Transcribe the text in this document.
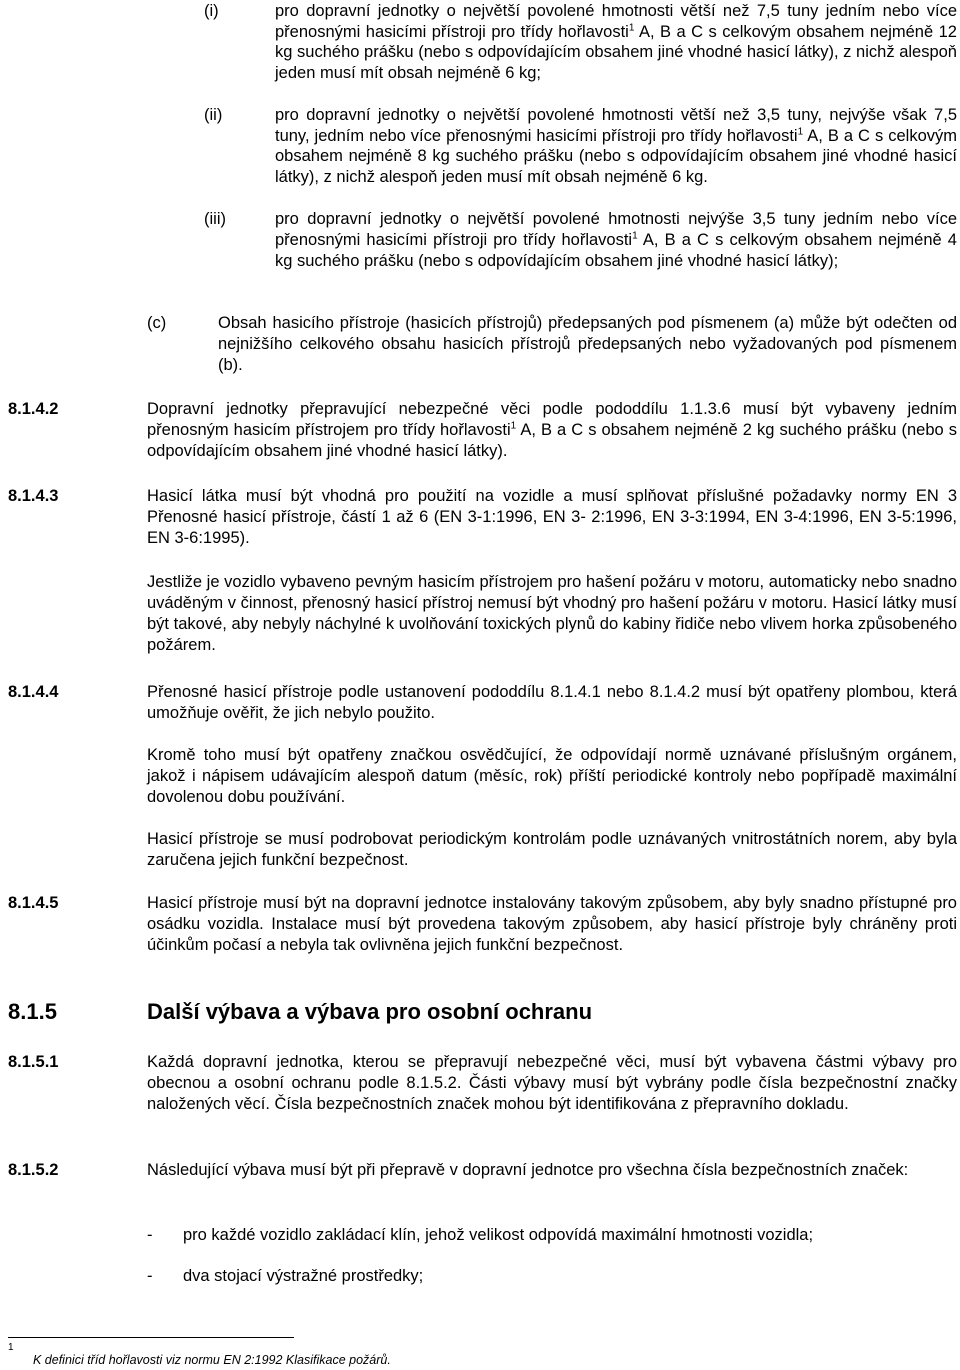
(i)	pro dopravní jednotky o největší povolené hmotnosti větší než 7,5 tuny jedním nebo více přenosnými hasicími přístroji pro třídy hořlavosti$^1$ A, B a C s celkovým obsahem nejméně 12 kg suchého prášku (nebo s odpovídajícím obsahem jiné vhodné hasicí látky), z nichž alespoň jeden musí mít obsah nejméně 6 kg;
(ii)	pro dopravní jednotky o největší povolené hmotnosti větší než 3,5 tuny, nejvýše však 7,5 tuny, jedním nebo více přenosnými hasicími přístroji pro třídy hořlavosti$^1$ A, B a C s celkovým obsahem nejméně 8 kg suchého prášku (nebo s odpovídajícím obsahem jiné vhodné hasicí látky), z nichž alespoň jeden musí mít obsah nejméně 6 kg.
(iii)	pro dopravní jednotky o největší povolené hmotnosti nejvýše 3,5 tuny jedním nebo více přenosnými hasicími přístroji pro třídy hořlavosti$^1$ A, B a C s celkovým obsahem nejméně 4 kg suchého prášku (nebo s odpovídajícím obsahem jiné vhodné hasicí látky);
(c)	Obsah hasicího přístroje (hasicích přístrojů) předepsaných pod písmenem (a) může být odečten od nejnižšího celkového obsahu hasicích přístrojů předepsaných nebo vyžadovaných pod písmenem (b).
8.1.4.2	Dopravní jednotky přepravující nebezpečné věci podle pododdílu 1.1.3.6 musí být vybaveny jedním přenosným hasicím přístrojem pro třídy hořlavosti$^1$ A, B a C s obsahem nejméně 2 kg suchého prášku (nebo s odpovídajícím obsahem jiné vhodné hasicí látky).
8.1.4.3	Hasicí látka musí být vhodná pro použití na vozidle a musí splňovat příslušné požadavky normy EN 3 Přenosné hasicí přístroje, částí 1 až 6 (EN 3-1:1996, EN 3- 2:1996, EN 3-3:1994, EN 3-4:1996, EN 3-5:1996, EN 3-6:1995).
Jestliže je vozidlo vybaveno pevným hasicím přístrojem pro hašení požáru v motoru, automaticky nebo snadno uváděným v činnost, přenosný hasicí přístroj nemusí být vhodný pro hašení požáru v motoru. Hasicí látky musí být takové, aby nebyly náchylné k uvolňování toxických plynů do kabiny řidiče nebo vlivem horka způsobeného požárem.
8.1.4.4	Přenosné hasicí přístroje podle ustanovení pododdílu 8.1.4.1 nebo 8.1.4.2 musí být opatřeny plombou, která umožňuje ověřit, že jich nebylo použito.
Kromě toho musí být opatřeny značkou osvědčující, že odpovídají normě uznávané příslušným orgánem, jakož i nápisem udávajícím alespoň datum (měsíc, rok) příští periodické kontroly nebo popřípadě maximální dovolenou dobu používání.
Hasicí přístroje se musí podrobovat periodickým kontrolám podle uznávaných vnitrostátních norem, aby byla zaručena jejich funkční bezpečnost.
8.1.4.5	Hasicí přístroje musí být na dopravní jednotce instalovány takovým způsobem, aby byly snadno přístupné pro osádku vozidla. Instalace musí být provedena takovým způsobem, aby hasicí přístroje byly chráněny proti účinkům počasí a nebyla tak ovlivněna jejich funkční bezpečnost.
8.1.5	Další výbava a výbava pro osobní ochranu
8.1.5.1	Každá dopravní jednotka, kterou se přepravují nebezpečné věci, musí být vybavena částmi výbavy pro obecnou a osobní ochranu podle 8.1.5.2. Části výbavy musí být vybrány podle čísla bezpečnostní značky naložených věcí. Čísla bezpečnostních značek mohou být identifikována z přepravního dokladu.
8.1.5.2	Následující výbava musí být při přepravě v dopravní jednotce pro všechna čísla bezpečnostních značek:
- pro každé vozidlo zakládací klín, jehož velikost odpovídá maximální hmotnosti vozidla;
- dva stojací výstražné prostředky;
1
K definici tříd hořlavosti viz normu EN 2:1992 Klasifikace požárů.
